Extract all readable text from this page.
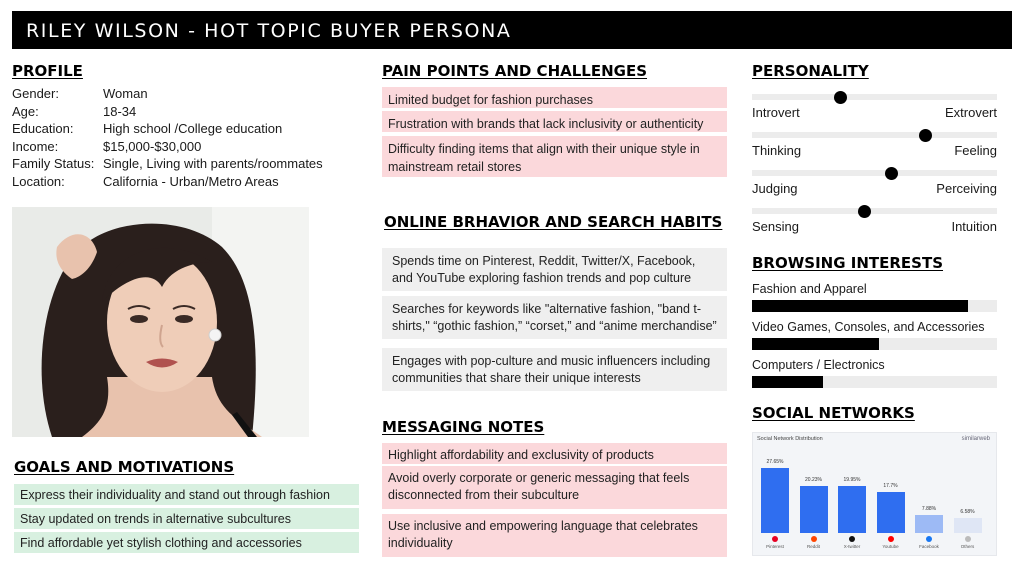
RILEY WILSON - HOT TOPIC BUYER PERSONA
PROFILE
Gender:	Woman
Age:	18-34
Education: High school /College education
Income:	$15,000-$30,000
Family Status: Single, Living with parents/roommates
Location:	California - Urban/Metro Areas
GOALS AND MOTIVATIONS
Express their individuality and stand out through fashion
Stay updated on trends in alternative subcultures
Find affordable yet stylish clothing and accessories
PAIN POINTS AND CHALLENGES
Limited budget for fashion purchases
Frustration with brands that lack inclusivity or authenticity
Difficulty finding items that align with their unique style in mainstream retail stores
ONLINE BRHAVIOR AND SEARCH HABITS
Spends time on Pinterest, Reddit, Twitter/X, Facebook, and YouTube exploring fashion trends and pop culture
Searches for keywords like "alternative fashion, "band t-shirts," “gothic fashion,” “corset,” and “anime merchandise”
Engages with pop-culture and music influencers including communities that share their unique interests
MESSAGING NOTES
Highlight affordability and exclusivity of products
Avoid overly corporate or generic messaging that feels disconnected from their subculture
Use inclusive and empowering language that celebrates individuality
PERSONALITY
Introvert	Extrovert
Thinking	Feeling
Judging	Perceiving
Sensing	Intuition
BROWSING INTERESTS
Fashion and Apparel
Video Games, Consoles, and Accessories
Computers / Electronics
SOCIAL NETWORKS
Social Network Distribution	similarweb
27.65%
Pinterest
20.23%
Reddit
19.95%
X-twitter
17.7%
Youtube
7.88%
Facebook
6.58%
Others
